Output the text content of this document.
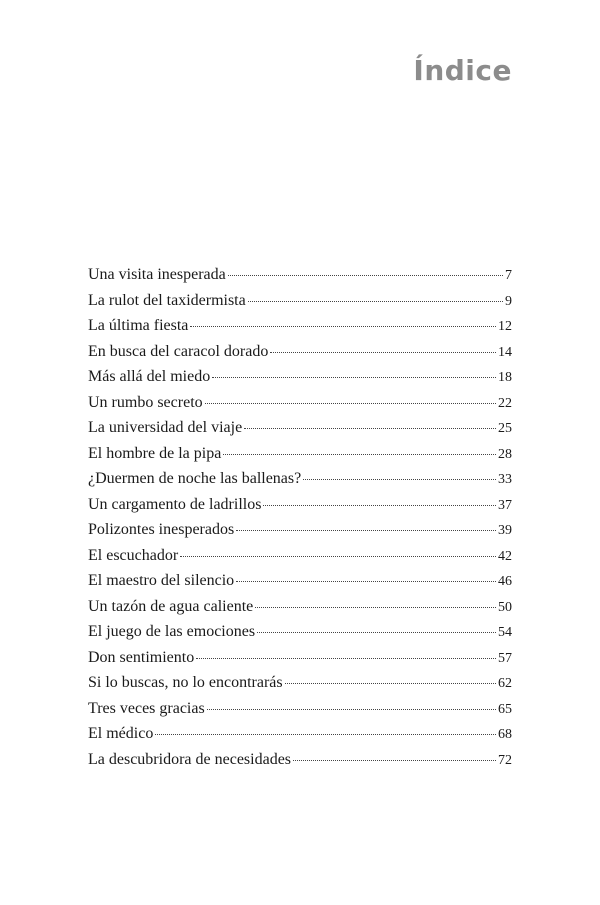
Índice
Una visita inesperada	7
La rulot del taxidermista	9
La última fiesta	12
En busca del caracol dorado	14
Más allá del miedo	18
Un rumbo secreto	22
La universidad del viaje	25
El hombre de la pipa	28
¿Duermen de noche las ballenas?	33
Un cargamento de ladrillos	37
Polizontes inesperados	39
El escuchador	42
El maestro del silencio	46
Un tazón de agua caliente	50
El juego de las emociones	54
Don sentimiento	57
Si lo buscas, no lo encontrarás	62
Tres veces gracias	65
El médico	68
La descubridora de necesidades	72
